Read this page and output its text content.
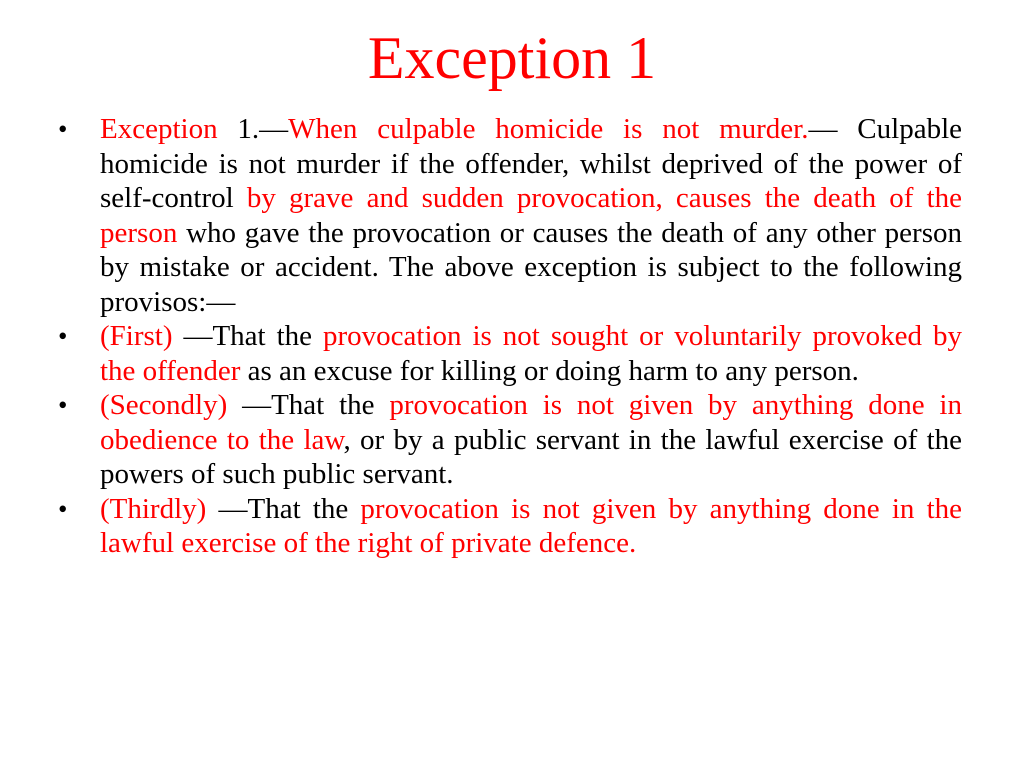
Exception 1
• Exception 1.—When culpable homicide is not murder.— Culpable homicide is not murder if the offender, whilst deprived of the power of self-control by grave and sudden provocation, causes the death of the person who gave the provocation or causes the death of any other person by mistake or accident. The above exception is subject to the following provisos:—
• (First) —That the provocation is not sought or voluntarily provoked by the offender as an excuse for killing or doing harm to any person.
• (Secondly) —That the provocation is not given by anything done in obedience to the law, or by a public servant in the lawful exercise of the powers of such public servant.
• (Thirdly) —That the provocation is not given by anything done in the lawful exercise of the right of private defence.
